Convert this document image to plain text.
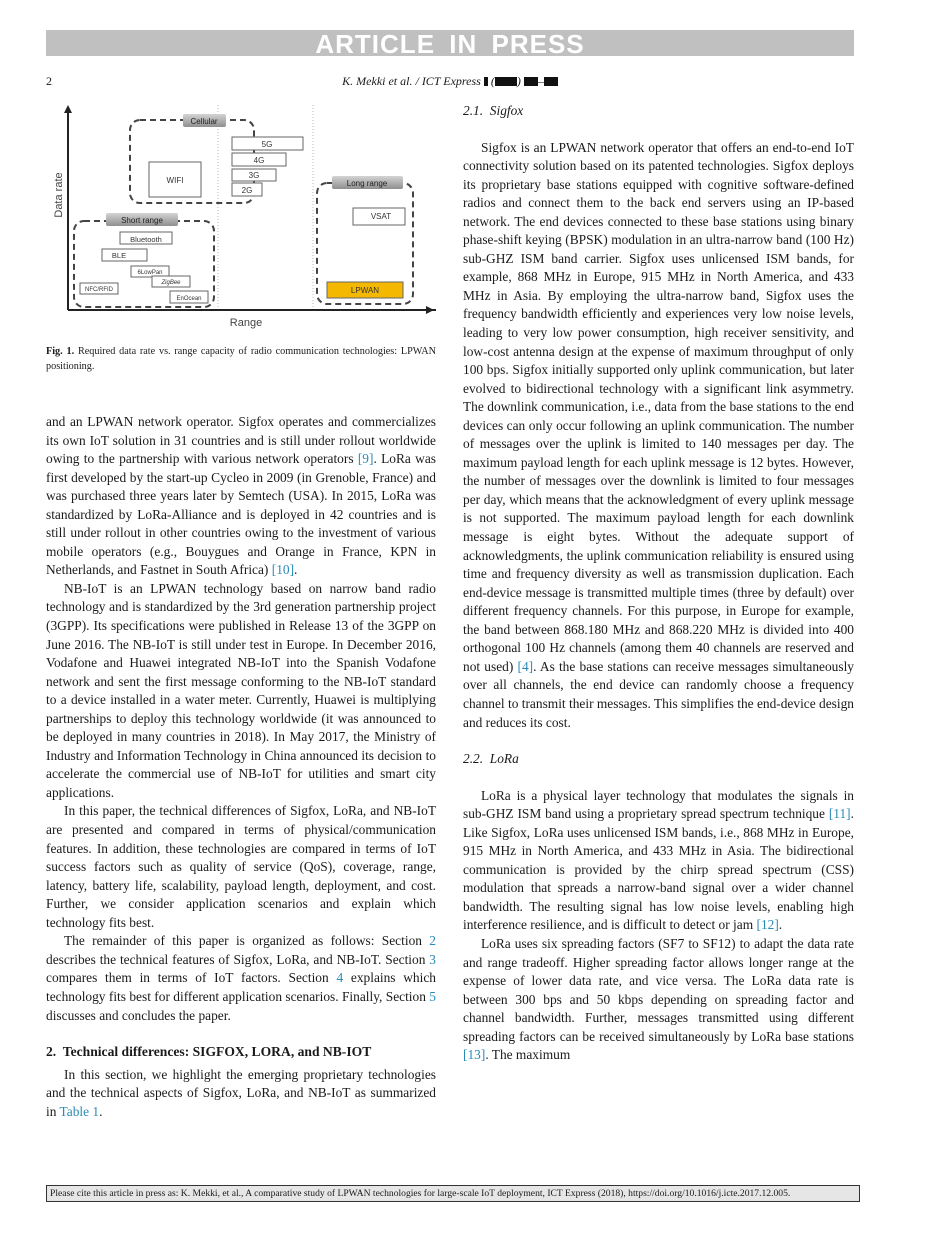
ARTICLE IN PRESS
2	K. Mekki et al. / ICT Express ( ) –
Cellular
Short range
Long range
WIFI
5G
4G
3G
2G
Bluetooth
BLE
6LowPan
ZigBee
NFC/RFID
EnOcean
VSAT
LPWAN
Range
Data rate
Fig. 1. Required data rate vs. range capacity of radio communication technologies: LPWAN positioning.

and an LPWAN network operator. Sigfox operates and commercializes its own IoT solution in 31 countries and is still under rollout worldwide owing to the partnership with various network operators [9]. LoRa was first developed by the start-up Cycleo in 2009 (in Grenoble, France) and was purchased three years later by Semtech (USA). In 2015, LoRa was standardized by LoRa-Alliance and is deployed in 42 countries and is still under rollout in other countries owing to the investment of various mobile operators (e.g., Bouygues and Orange in France, KPN in Netherlands, and Fastnet in South Africa) [10].

NB-IoT is an LPWAN technology based on narrow band radio technology and is standardized by the 3rd generation partnership project (3GPP). Its specifications were published in Release 13 of the 3GPP on June 2016. The NB-IoT is still under test in Europe. In December 2016, Vodafone and Huawei integrated NB-IoT into the Spanish Vodafone network and sent the first message conforming to the NB-IoT standard to a device installed in a water meter. Currently, Huawei is multiplying partnerships to deploy this technology worldwide (it was announced to be deployed in many countries in 2018). In May 2017, the Ministry of Industry and Information Technology in China announced its decision to accelerate the commercial use of NB-IoT for utilities and smart city applications.

In this paper, the technical differences of Sigfox, LoRa, and NB-IoT are presented and compared in terms of physical/communication features. In addition, these technologies are compared in terms of IoT success factors such as quality of service (QoS), coverage, range, latency, battery life, scalability, payload length, deployment, and cost. Further, we consider application scenarios and explain which technology fits best.

The remainder of this paper is organized as follows: Section 2 describes the technical features of Sigfox, LoRa, and NB-IoT. Section 3 compares them in terms of IoT factors. Section 4 explains which technology fits best for different application scenarios. Finally, Section 5 discusses and concludes the paper.

2.  Technical differences: SIGFOX, LORA, and NB-IOT

In this section, we highlight the emerging proprietary technologies and the technical aspects of Sigfox, LoRa, and NB-IoT as summarized in Table 1.

2.1.  Sigfox

Sigfox is an LPWAN network operator that offers an end-to-end IoT connectivity solution based on its patented technologies. Sigfox deploys its proprietary base stations equipped with cognitive software-defined radios and connect them to the back end servers using an IP-based network. The end devices connected to these base stations using binary phase-shift keying (BPSK) modulation in an ultra-narrow band (100 Hz) sub-GHZ ISM band carrier. Sigfox uses unlicensed ISM bands, for example, 868 MHz in Europe, 915 MHz in North America, and 433 MHz in Asia. By employing the ultra-narrow band, Sigfox uses the frequency bandwidth efficiently and experiences very low noise levels, leading to very low power consumption, high receiver sensitivity, and low-cost antenna design at the expense of maximum throughput of only 100 bps. Sigfox initially supported only uplink communication, but later evolved to bidirectional technology with a significant link asymmetry. The downlink communication, i.e., data from the base stations to the end devices can only occur following an uplink communication. The number of messages over the uplink is limited to 140 messages per day. The maximum payload length for each uplink message is 12 bytes. However, the number of messages over the downlink is limited to four messages per day, which means that the acknowledgment of every uplink message is not supported. The maximum payload length for each downlink message is eight bytes. Without the adequate support of acknowledgments, the uplink communication reliability is ensured using time and frequency diversity as well as transmission duplication. Each end-device message is transmitted multiple times (three by default) over different frequency channels. For this purpose, in Europe for example, the band between 868.180 MHz and 868.220 MHz is divided into 400 orthogonal 100 Hz channels (among them 40 channels are reserved and not used) [4]. As the base stations can receive messages simultaneously over all channels, the end device can randomly choose a frequency channel to transmit their messages. This simplifies the end-device design and reduces its cost.

2.2.  LoRa

LoRa is a physical layer technology that modulates the signals in sub-GHZ ISM band using a proprietary spread spectrum technique [11]. Like Sigfox, LoRa uses unlicensed ISM bands, i.e., 868 MHz in Europe, 915 MHz in North America, and 433 MHz in Asia. The bidirectional communication is provided by the chirp spread spectrum (CSS) modulation that spreads a narrow-band signal over a wider channel bandwidth. The resulting signal has low noise levels, enabling high interference resilience, and is difficult to detect or jam [12].

LoRa uses six spreading factors (SF7 to SF12) to adapt the data rate and range tradeoff. Higher spreading factor allows longer range at the expense of lower data rate, and vice versa. The LoRa data rate is between 300 bps and 50 kbps depending on spreading factor and channel bandwidth. Further, messages transmitted using different spreading factors can be received simultaneously by LoRa base stations [13]. The maximum

Please cite this article in press as: K. Mekki, et al., A comparative study of LPWAN technologies for large-scale IoT deployment, ICT Express (2018), https://doi.org/10.1016/j.icte.2017.12.005.
